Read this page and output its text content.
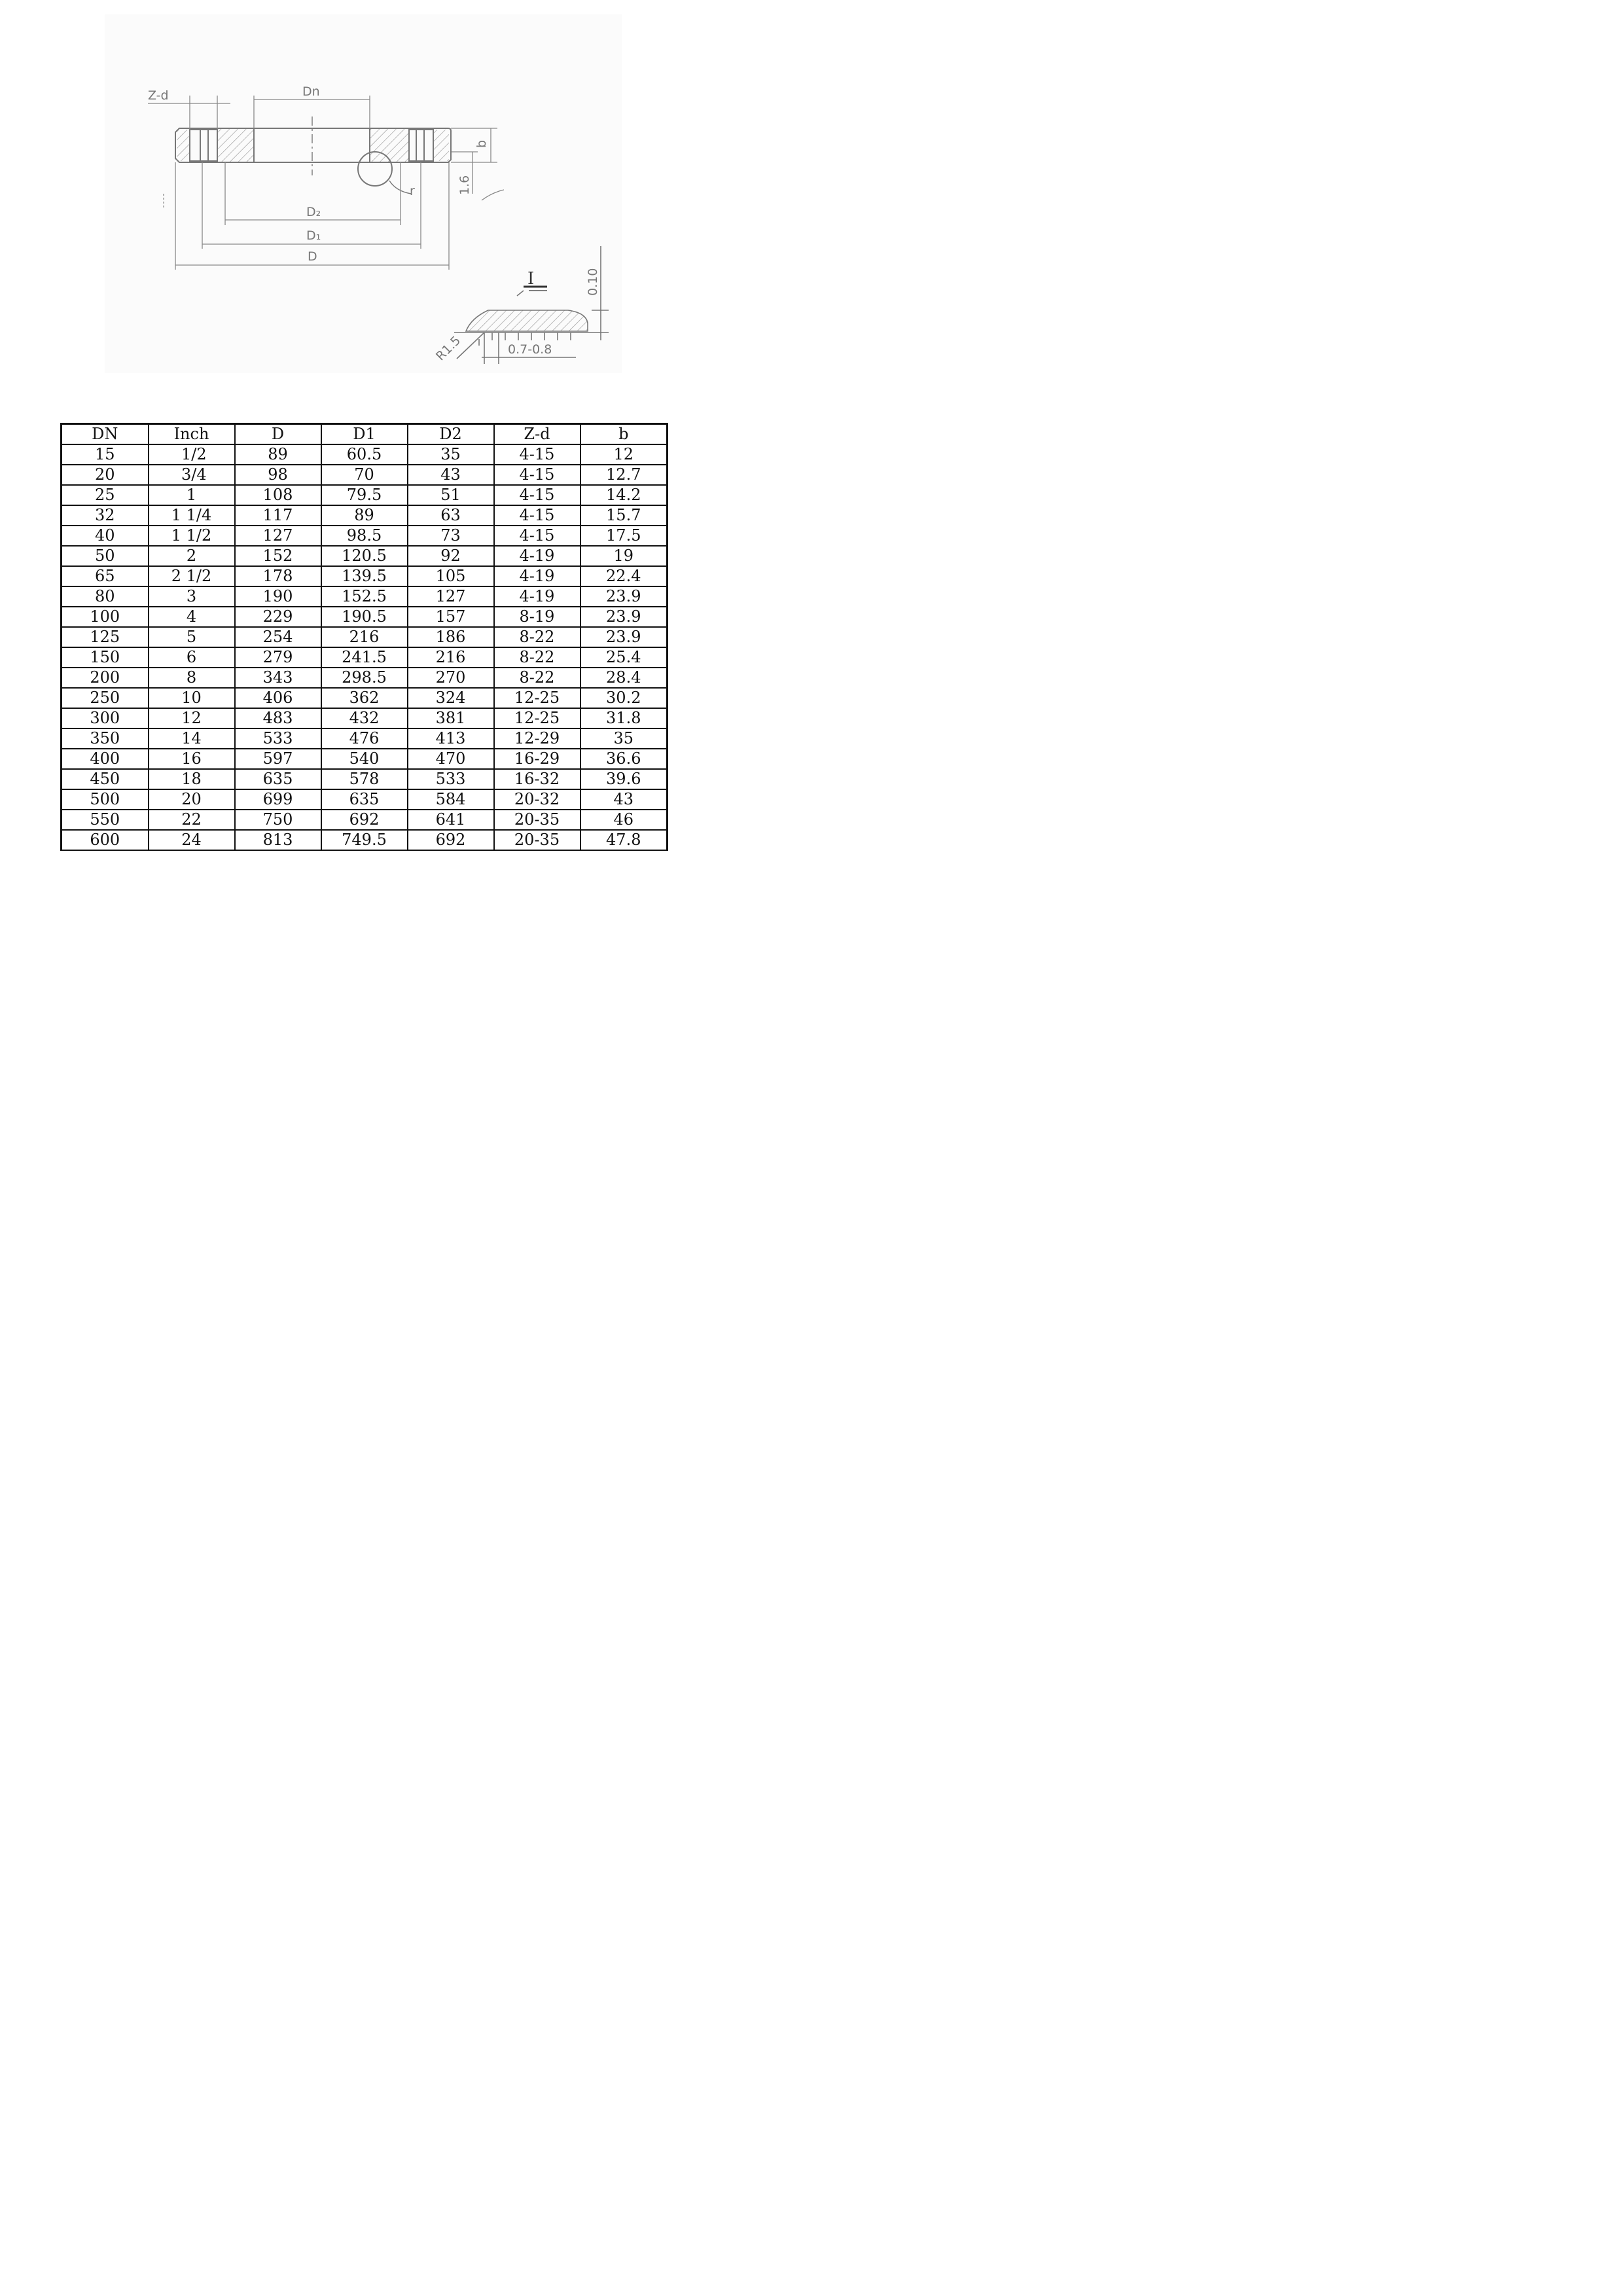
Z-d	Dn
b
1.6
r
D₂
D₁
D
I	0.10
R1.5	0.7-0.8
DN	Inch	D	D1	D2	Z-d	b
15	1/2	89	60.5	35	4-15	12
20	3/4	98	70	43	4-15	12.7
25	1	108	79.5	51	4-15	14.2
32	1 1/4	117	89	63	4-15	15.7
40	1 1/2	127	98.5	73	4-15	17.5
50	2	152	120.5	92	4-19	19
65	2 1/2	178	139.5	105	4-19	22.4
80	3	190	152.5	127	4-19	23.9
100	4	229	190.5	157	8-19	23.9
125	5	254	216	186	8-22	23.9
150	6	279	241.5	216	8-22	25.4
200	8	343	298.5	270	8-22	28.4
250	10	406	362	324	12-25	30.2
300	12	483	432	381	12-25	31.8
350	14	533	476	413	12-29	35
400	16	597	540	470	16-29	36.6
450	18	635	578	533	16-32	39.6
500	20	699	635	584	20-32	43
550	22	750	692	641	20-35	46
600	24	813	749.5	692	20-35	47.8
